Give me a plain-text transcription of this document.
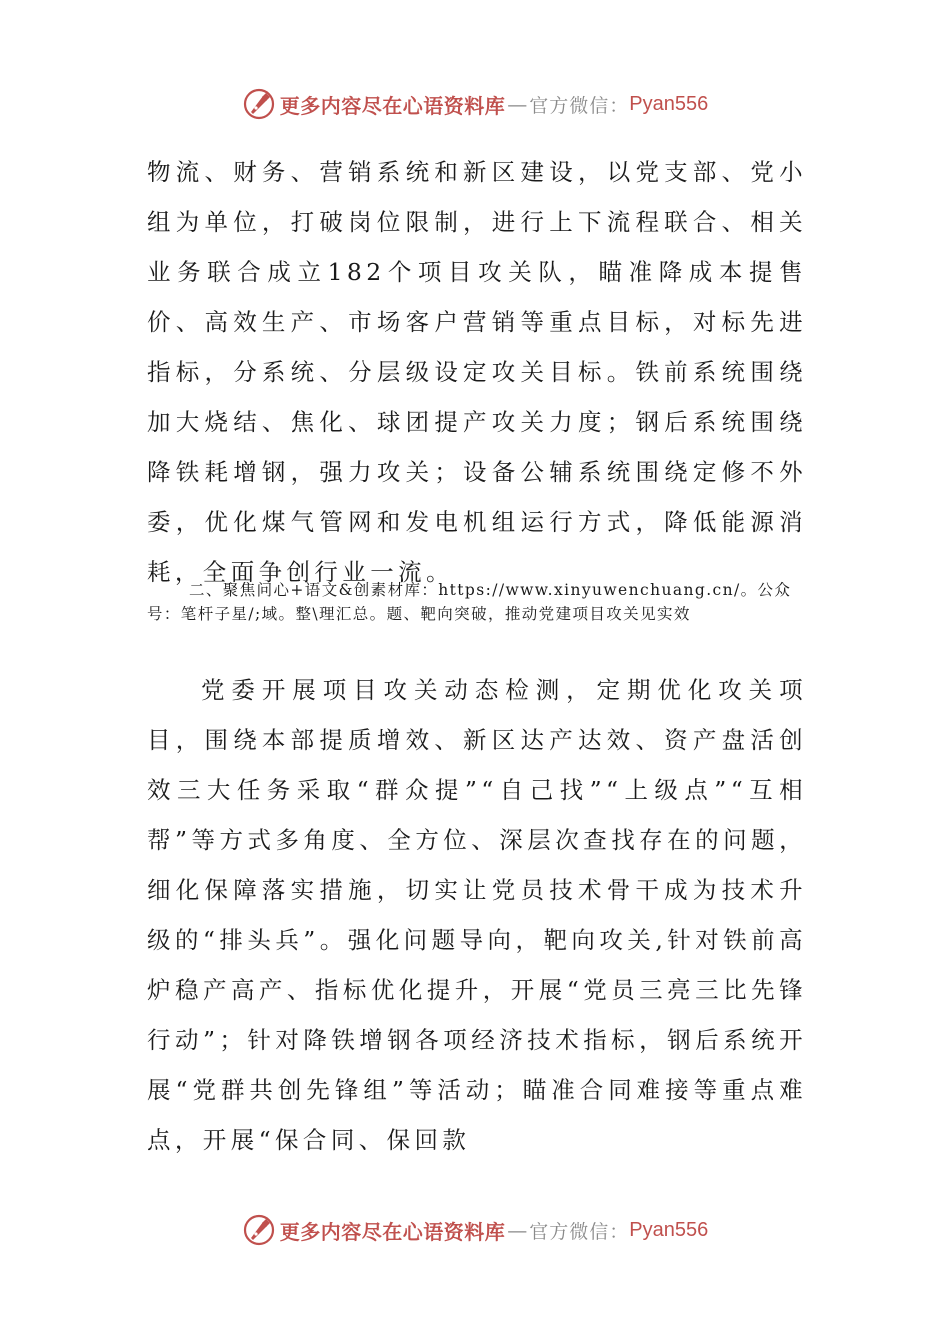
更多内容尽在心语资料库 — 官方微信： Pyan556

物流、财务、营销系统和新区建设，以党支部、党小组为单位，打破岗位限制，进行上下流程联合、相关业务联合成立182个项目攻关队，瞄准降成本提售价、高效生产、市场客户营销等重点目标，对标先进指标，分系统、分层级设定攻关目标。铁前系统围绕加大烧结、焦化、球团提产攻关力度；钢后系统围绕降铁耗增钢，强力攻关；设备公辅系统围绕定修不外委，优化煤气管网和发电机组运行方式，降低能源消耗，全面争创行业一流。

二、聚焦问心+语文&创素材库：https://www.xinyuwenchuang.cn/。公众号：笔杆子星/;域。整\理汇总。题、靶向突破，推动党建项目攻关见实效

党委开展项目攻关动态检测，定期优化攻关项目，围绕本部提质增效、新区达产达效、资产盘活创效三大任务采取“群众提”“自己找”“上级点”“互相帮”等方式多角度、全方位、深层次查找存在的问题，细化保障落实措施，切实让党员技术骨干成为技术升级的“排头兵”。强化问题导向，靶向攻关,针对铁前高炉稳产高产、指标优化提升，开展“党员三亮三比先锋行动”；针对降铁增钢各项经济技术指标，钢后系统开展“党群共创先锋组”等活动；瞄准合同难接等重点难点，开展“保合同、保回款

更多内容尽在心语资料库 — 官方微信： Pyan556
